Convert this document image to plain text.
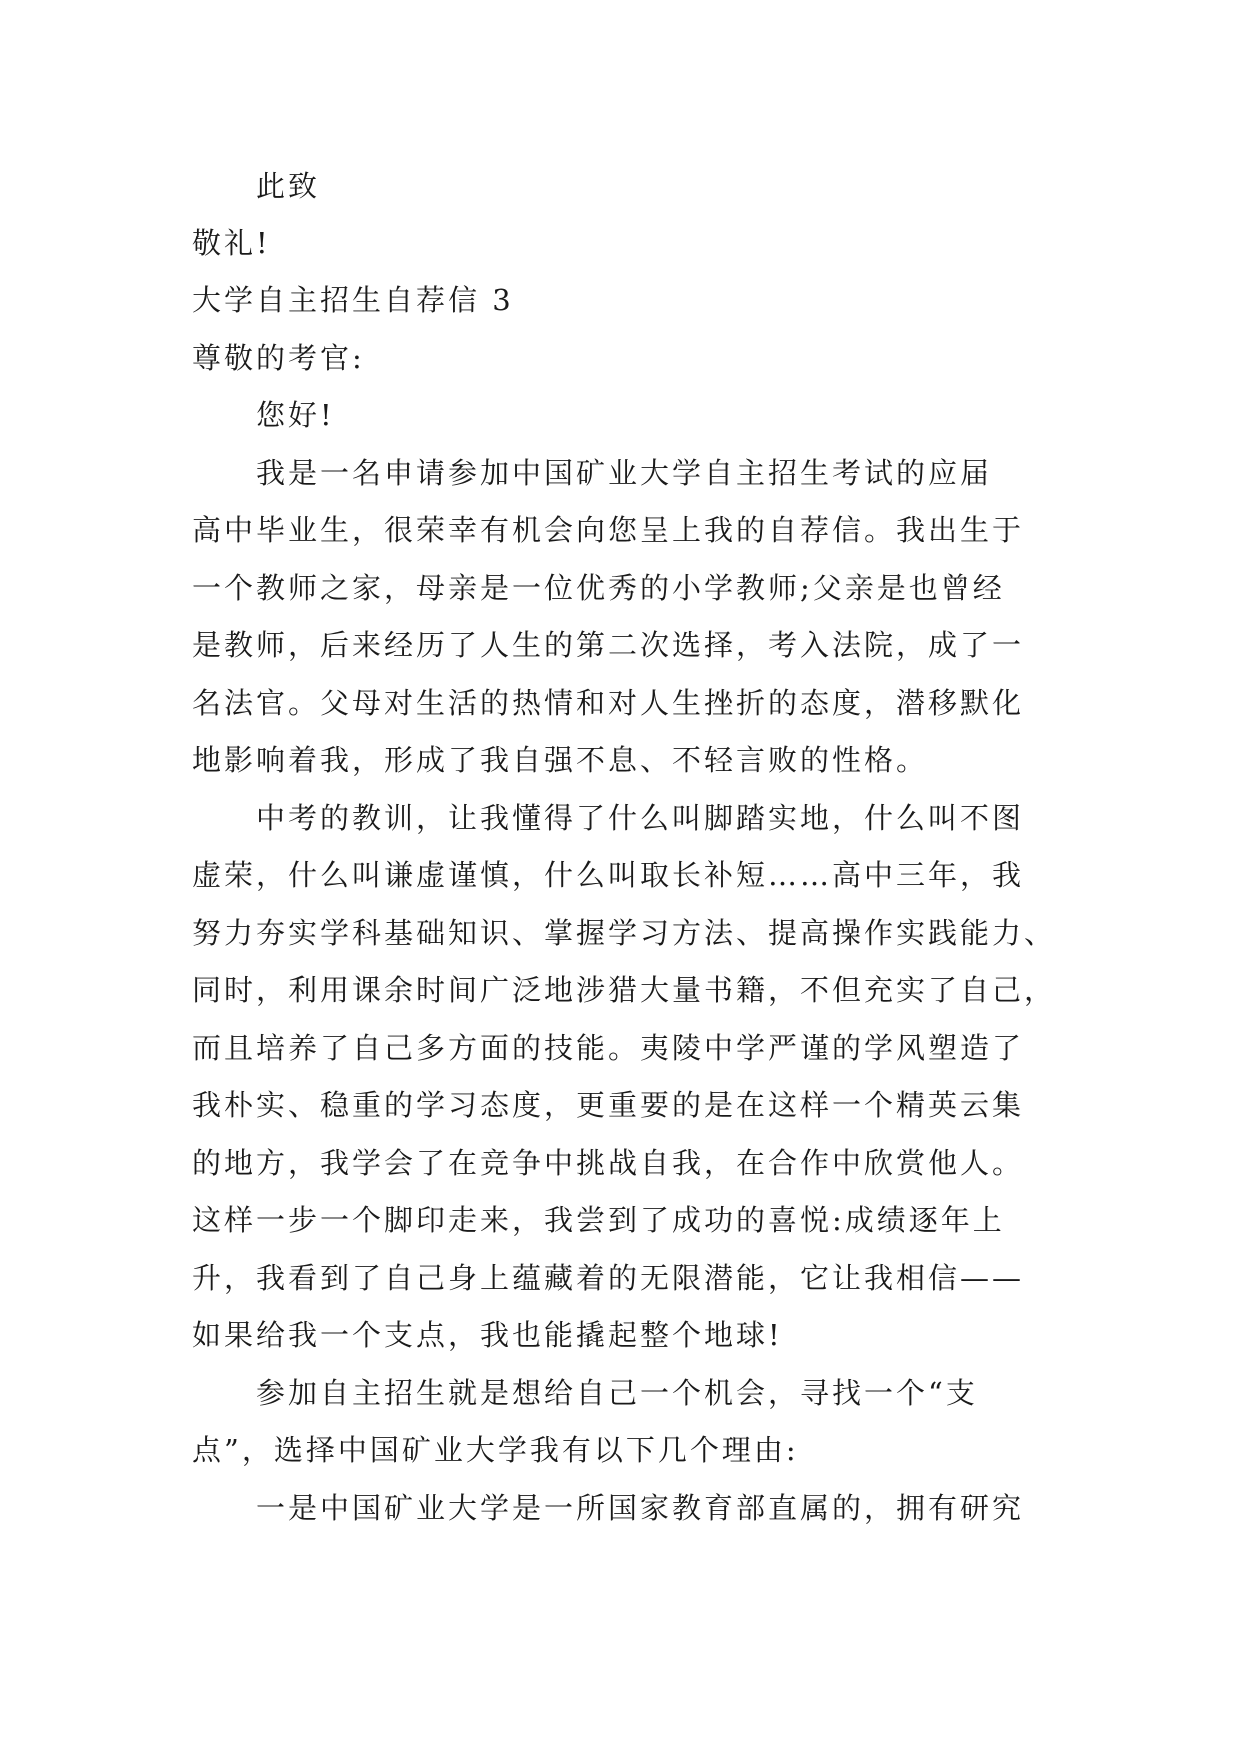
此致
敬礼!
大学自主招生自荐信 3
尊敬的考官:
您好!
我是一名申请参加中国矿业大学自主招生考试的应届
高中毕业生，很荣幸有机会向您呈上我的自荐信。我出生于
一个教师之家，母亲是一位优秀的小学教师;父亲是也曾经
是教师，后来经历了人生的第二次选择，考入法院，成了一
名法官。父母对生活的热情和对人生挫折的态度，潜移默化
地影响着我，形成了我自强不息、不轻言败的性格。
中考的教训，让我懂得了什么叫脚踏实地，什么叫不图
虚荣，什么叫谦虚谨慎，什么叫取长补短……高中三年，我
努力夯实学科基础知识、掌握学习方法、提高操作实践能力、
同时，利用课余时间广泛地涉猎大量书籍，不但充实了自己，
而且培养了自己多方面的技能。夷陵中学严谨的学风塑造了
我朴实、稳重的学习态度，更重要的是在这样一个精英云集
的地方，我学会了在竞争中挑战自我，在合作中欣赏他人。
这样一步一个脚印走来，我尝到了成功的喜悦:成绩逐年上
升，我看到了自己身上蕴藏着的无限潜能，它让我相信——
如果给我一个支点，我也能撬起整个地球!
参加自主招生就是想给自己一个机会，寻找一个“支
点”，选择中国矿业大学我有以下几个理由:
一是中国矿业大学是一所国家教育部直属的，拥有研究
